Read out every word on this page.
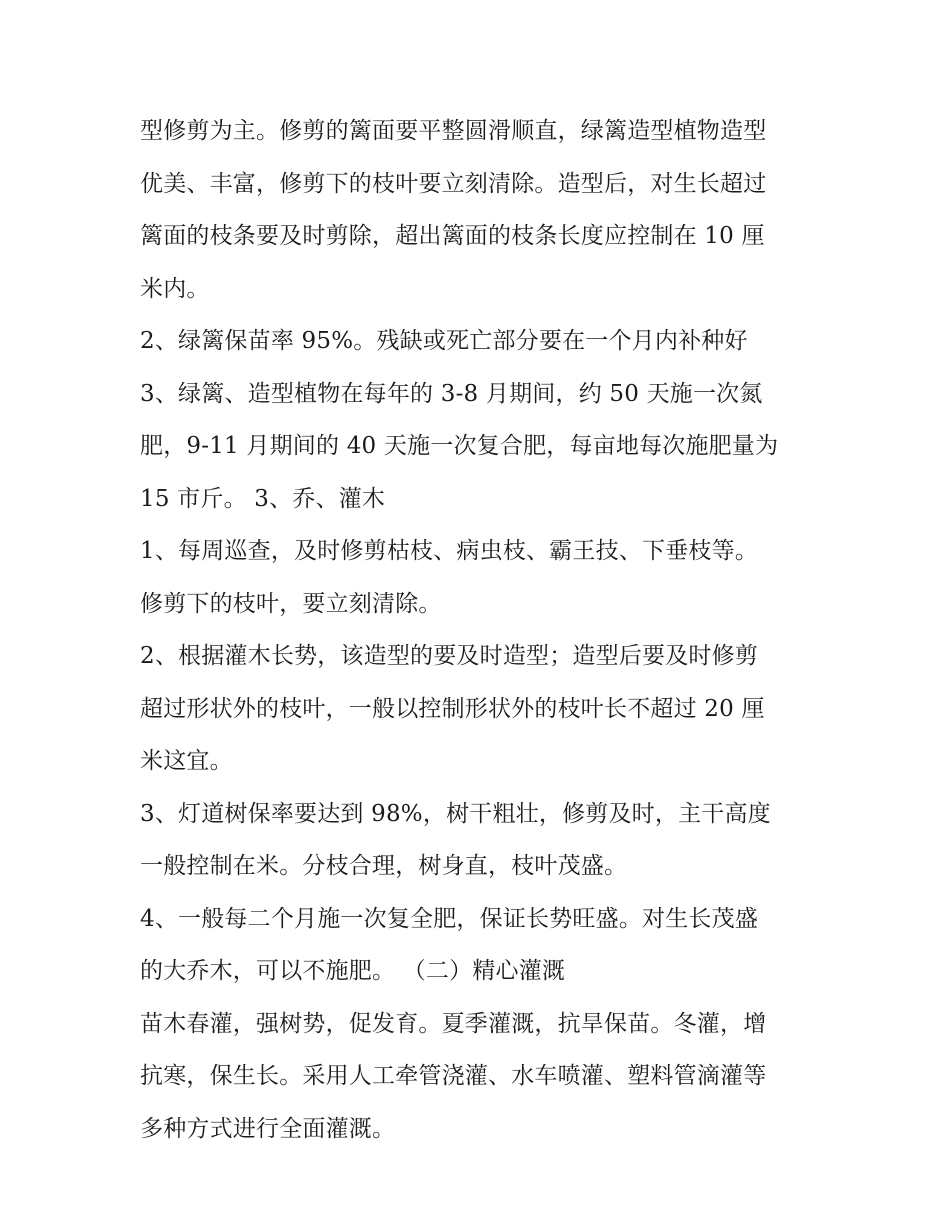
型修剪为主。修剪的篱面要平整圆滑顺直，绿篱造型植物造型
优美、丰富，修剪下的枝叶要立刻清除。造型后，对生长超过
篱面的枝条要及时剪除，超出篱面的枝条长度应控制在 10 厘
米内。
2、绿篱保苗率 95%。残缺或死亡部分要在一个月内补种好
3、绿篱、造型植物在每年的 3-8 月期间，约 50 天施一次氮
肥，9-11 月期间的 40 天施一次复合肥，每亩地每次施肥量为
15 市斤。 3、乔、灌木
1、每周巡查，及时修剪枯枝、病虫枝、霸王技、下垂枝等。
修剪下的枝叶，要立刻清除。
2、根据灌木长势，该造型的要及时造型；造型后要及时修剪
超过形状外的枝叶，一般以控制形状外的枝叶长不超过 20 厘
米这宜。
3、灯道树保率要达到 98%，树干粗壮，修剪及时，主干高度
一般控制在米。分枝合理，树身直，枝叶茂盛。
4、一般每二个月施一次复全肥，保证长势旺盛。对生长茂盛
的大乔木，可以不施肥。 （二）精心灌溉
苗木春灌，强树势，促发育。夏季灌溉，抗旱保苗。冬灌，增
抗寒，保生长。采用人工牵管浇灌、水车喷灌、塑料管滴灌等
多种方式进行全面灌溉。
